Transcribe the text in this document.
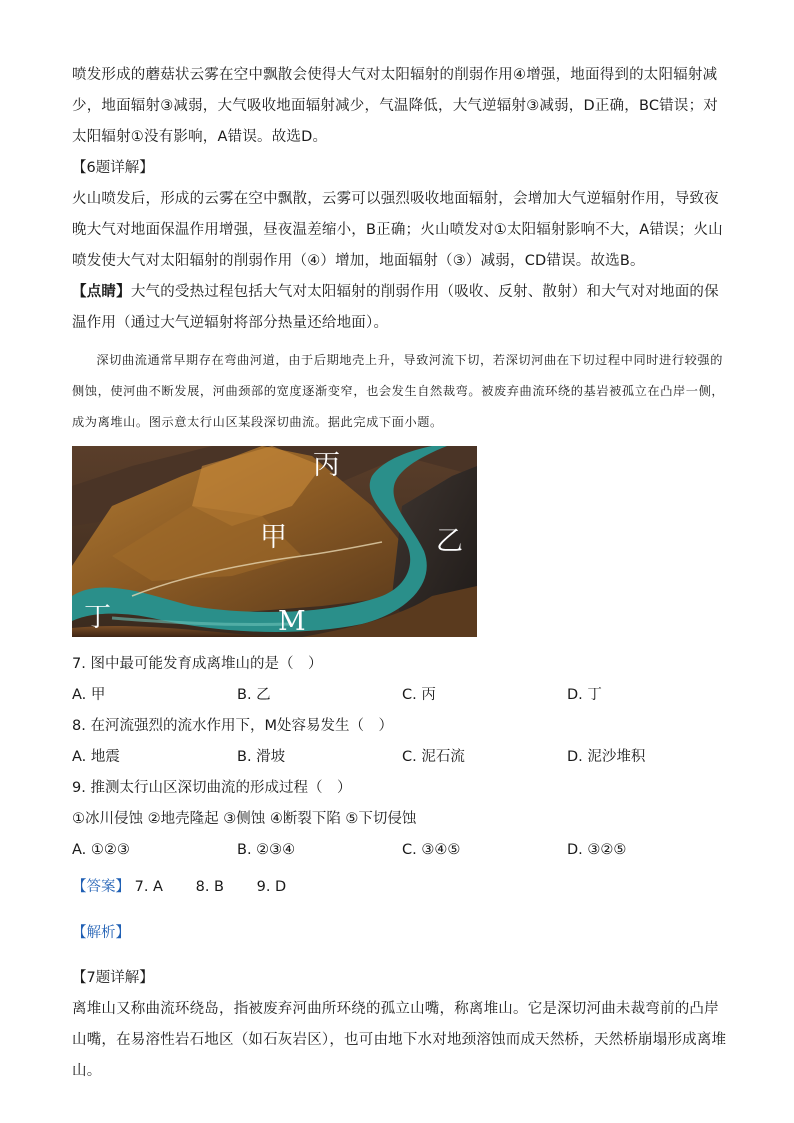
喷发形成的蘑菇状云雾在空中飘散会使得大气对太阳辐射的削弱作用④增强，地面得到的太阳辐射减少，地面辐射③减弱，大气吸收地面辐射减少，气温降低，大气逆辐射③减弱，D正确，BC错误；对太阳辐射①没有影响，A错误。故选D。

【6题详解】

火山喷发后，形成的云雾在空中飘散，云雾可以强烈吸收地面辐射，会增加大气逆辐射作用，导致夜晚大气对地面保温作用增强，昼夜温差缩小，B正确；火山喷发对①太阳辐射影响不大，A错误；火山喷发使大气对太阳辐射的削弱作用（④）增加，地面辐射（③）减弱，CD错误。故选B。

【点睛】大气的受热过程包括大气对太阳辐射的削弱作用（吸收、反射、散射）和大气对对地面的保温作用（通过大气逆辐射将部分热量还给地面）。

深切曲流通常早期存在弯曲河道，由于后期地壳上升，导致河流下切，若深切河曲在下切过程中同时进行较强的侧蚀，使河曲不断发展，河曲颈部的宽度逐渐变窄，也会发生自然裁弯。被废弃曲流环绕的基岩被孤立在凸岸一侧，成为离堆山。图示意太行山区某段深切曲流。据此完成下面小题。

丙
甲	乙
丁	M

7. 图中最可能发育成离堆山的是（　）

A. 甲	B. 乙	C. 丙	D. 丁

8. 在河流强烈的流水作用下，M处容易发生（　）

A. 地震	B. 滑坡	C. 泥石流	D. 泥沙堆积

9. 推测太行山区深切曲流的形成过程（　）

①冰川侵蚀 ②地壳隆起 ③侧蚀 ④断裂下陷 ⑤下切侵蚀

A. ①②③	B. ②③④	C. ③④⑤	D. ③②⑤
【答案】 7. A 8. B 9. D

【解析】

【7题详解】

离堆山又称曲流环绕岛，指被废弃河曲所环绕的孤立山嘴，称离堆山。它是深切河曲未裁弯前的凸岸山嘴，在易溶性岩石地区（如石灰岩区），也可由地下水对地颈溶蚀而成天然桥，天然桥崩塌形成离堆山。
